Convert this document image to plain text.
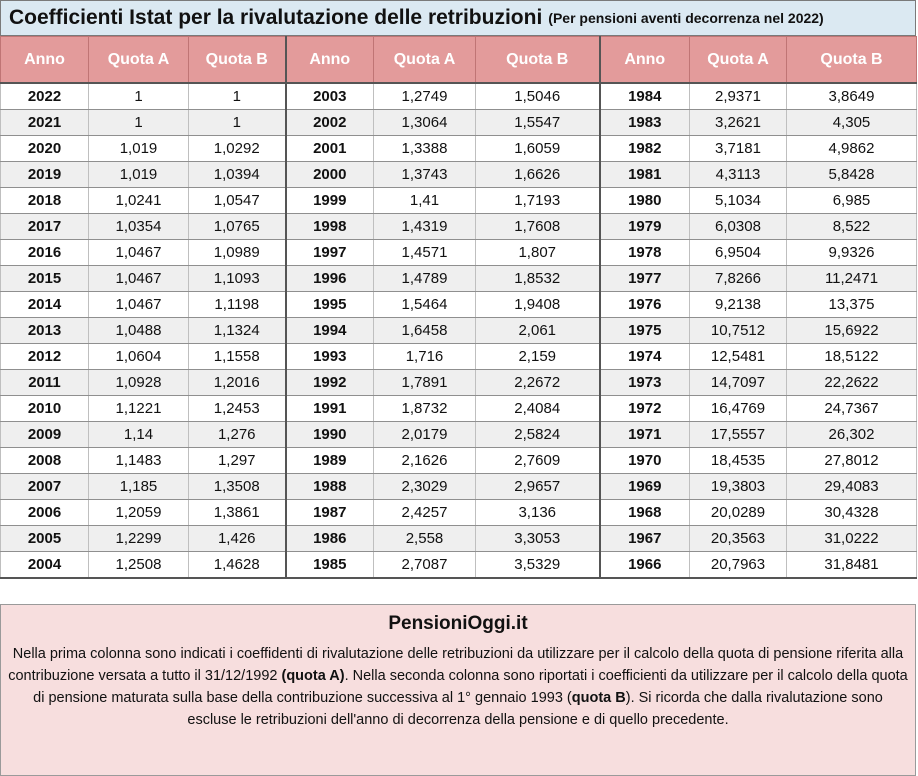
Coefficienti Istat per la rivalutazione delle retribuzioni (Per pensioni aventi decorrenza nel 2022)
Anno	Quota A	Quota B	Anno	Quota A	Quota B	Anno	Quota A	Quota B
2022	1	1	2003	1,2749	1,5046	1984	2,9371	3,8649
2021	1	1	2002	1,3064	1,5547	1983	3,2621	4,305
2020	1,019	1,0292	2001	1,3388	1,6059	1982	3,7181	4,9862
2019	1,019	1,0394	2000	1,3743	1,6626	1981	4,3113	5,8428
2018	1,0241	1,0547	1999	1,41	1,7193	1980	5,1034	6,985
2017	1,0354	1,0765	1998	1,4319	1,7608	1979	6,0308	8,522
2016	1,0467	1,0989	1997	1,4571	1,807	1978	6,9504	9,9326
2015	1,0467	1,1093	1996	1,4789	1,8532	1977	7,8266	11,2471
2014	1,0467	1,1198	1995	1,5464	1,9408	1976	9,2138	13,375
2013	1,0488	1,1324	1994	1,6458	2,061	1975	10,7512	15,6922
2012	1,0604	1,1558	1993	1,716	2,159	1974	12,5481	18,5122
2011	1,0928	1,2016	1992	1,7891	2,2672	1973	14,7097	22,2622
2010	1,1221	1,2453	1991	1,8732	2,4084	1972	16,4769	24,7367
2009	1,14	1,276	1990	2,0179	2,5824	1971	17,5557	26,302
2008	1,1483	1,297	1989	2,1626	2,7609	1970	18,4535	27,8012
2007	1,185	1,3508	1988	2,3029	2,9657	1969	19,3803	29,4083
2006	1,2059	1,3861	1987	2,4257	3,136	1968	20,0289	30,4328
2005	1,2299	1,426	1986	2,558	3,3053	1967	20,3563	31,0222
2004	1,2508	1,4628	1985	2,7087	3,5329	1966	20,7963	31,8481
PensioniOggi.it
Nella prima colonna sono indicati i coeffidenti di rivalutazione delle retribuzioni da utilizzare per il calcolo della quota di pensione riferita alla contribuzione versata a tutto il 31/12/1992 (quota A). Nella seconda colonna sono riportati i coefficienti da utilizzare per il calcolo della quota di pensione maturata sulla base della contribuzione successiva al 1° gennaio 1993 (quota B). Si ricorda che dalla rivalutazione sono escluse le retribuzioni dell'anno di decorrenza della pensione e di quello precedente.
